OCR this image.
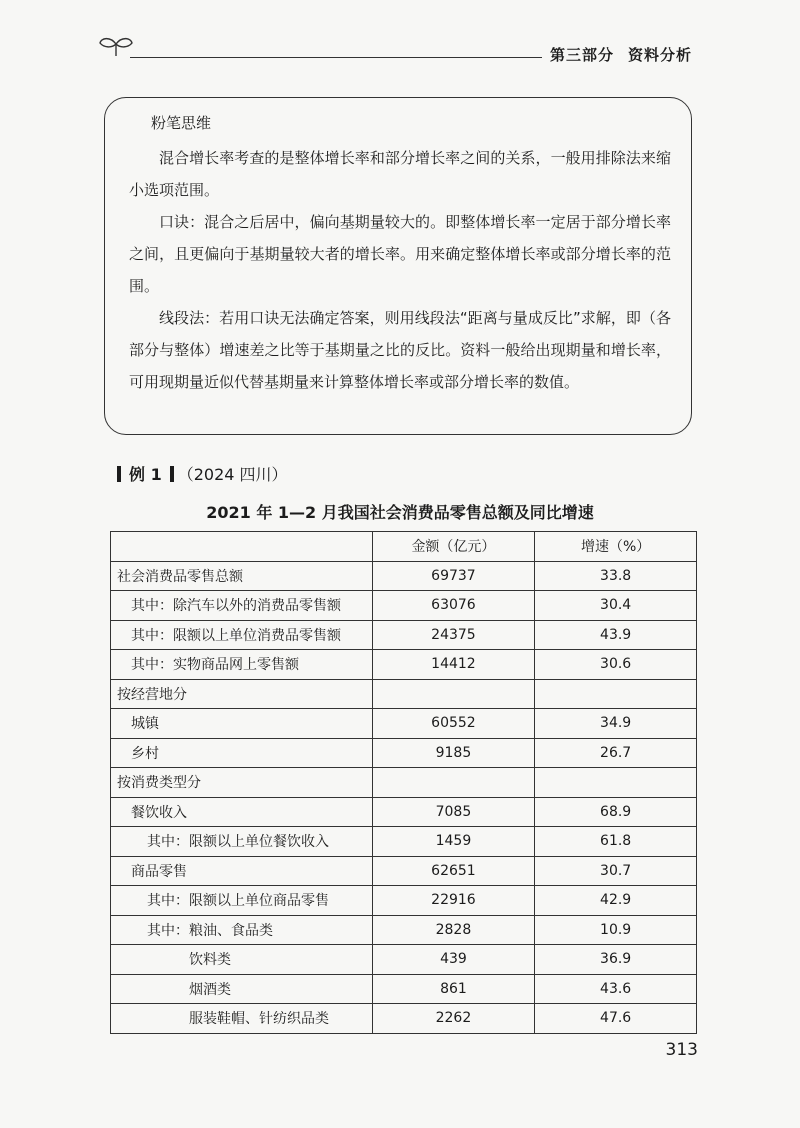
第三部分 资料分析

粉笔思维

混合增长率考查的是整体增长率和部分增长率之间的关系，一般用排除法来缩小选项范围。

口诀：混合之后居中，偏向基期量较大的。即整体增长率一定居于部分增长率之间，且更偏向于基期量较大者的增长率。用来确定整体增长率或部分增长率的范围。

线段法：若用口诀无法确定答案，则用线段法“距离与量成反比”求解，即（各部分与整体）增速差之比等于基期量之比的反比。资料一般给出现期量和增长率，可用现期量近似代替基期量来计算整体增长率或部分增长率的数值。

例 1 （2024 四川）
2021 年 1—2 月我国社会消费品零售总额及同比增速
	金额（亿元）	增速（%）
社会消费品零售总额	69737	33.8
其中：除汽车以外的消费品零售额	63076	30.4
其中：限额以上单位消费品零售额	24375	43.9
其中：实物商品网上零售额	14412	30.6
按经营地分		
城镇	60552	34.9
乡村	9185	26.7
按消费类型分		
餐饮收入	7085	68.9
其中：限额以上单位餐饮收入	1459	61.8
商品零售	62651	30.7
其中：限额以上单位商品零售	22916	42.9
其中：粮油、食品类	2828	10.9
饮料类	439	36.9
烟酒类	861	43.6
服装鞋帽、针纺织品类	2262	47.6
313
